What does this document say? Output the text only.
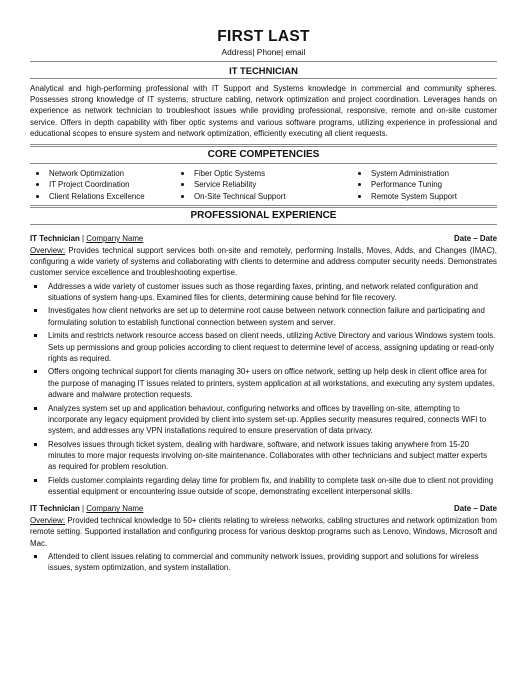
FIRST LAST
Address| Phone| email
IT TECHNICIAN
Analytical and high-performing professional with IT Support and Systems knowledge in commercial and community spheres. Possesses strong knowledge of IT systems, structure cabling, network optimization and project coordination. Leverages hands on experience as network technician to troubleshoot issues while providing professional, responsive, remote and on-site customer service. Offers in depth capability with fiber optic systems and various software programs, utilizing experience in professional and educational scopes to ensure system and network optimization, efficiently executing all client requests.
CORE COMPETENCIES
Network Optimization	Fiber Optic Systems	System Administration
IT Project Coordination	Service Reliability	Performance Tuning
Client Relations Excellence	On-Site Technical Support	Remote System Support
PROFESSIONAL EXPERIENCE
IT Technician | Company Name	Date – Date
Overview: Provides technical support services both on-site and remotely, performing Installs, Moves, Adds, and Changes (IMAC), configuring a wide variety of systems and collaborating with clients to determine and address computer security needs. Demonstrates customer service excellence and troubleshooting expertise.
Addresses a wide variety of customer issues such as those regarding faxes, printing, and network related configuration and situations of system hang-ups. Examined files for clients, determining cause behind for file recovery.
Investigates how client networks are set up to determine root cause between network connection failure and participating and formulating solution to establish functional connection between system and server.
Limits and restricts network resource access based on client needs, utilizing Active Directory and various Windows system tools. Sets up permissions and group policies according to client request to determine level of access, assigning updating or read-only rights as required.
Offers ongoing technical support for clients managing 30+ users on office network, setting up help desk in client office area for the purpose of managing IT issues related to printers, system application at all workstations, and executing any system updates, adware and malware protection requests.
Analyzes system set up and application behaviour, configuring networks and offices by travelling on-site, attempting to incorporate any legacy equipment provided by client into system set-up. Applies security measures required, connects WiFi to system, and addresses any VPN installations required to ensure preservation of data privacy.
Resolves issues through ticket system, dealing with hardware, software, and network issues taking anywhere from 15-20 minutes to more major requests involving on-site maintenance. Collaborates with other technicians and subject matter experts as required for problem resolution.
Fields customer complaints regarding delay time for problem fix, and inability to complete task on-site due to client not providing essential equipment or encountering issue outside of scope, demonstrating excellent interpersonal skills.
IT Technician | Company Name	Date – Date
Overview: Provided technical knowledge to 50+ clients relating to wireless networks, cabling structures and network optimization from remote setting. Supported installation and configuring process for various desktop programs such as Lenovo, Windows, Microsoft and Mac.
Attended to client issues relating to commercial and community network issues, providing support and solutions for wireless issues, system optimization, and system installation.
